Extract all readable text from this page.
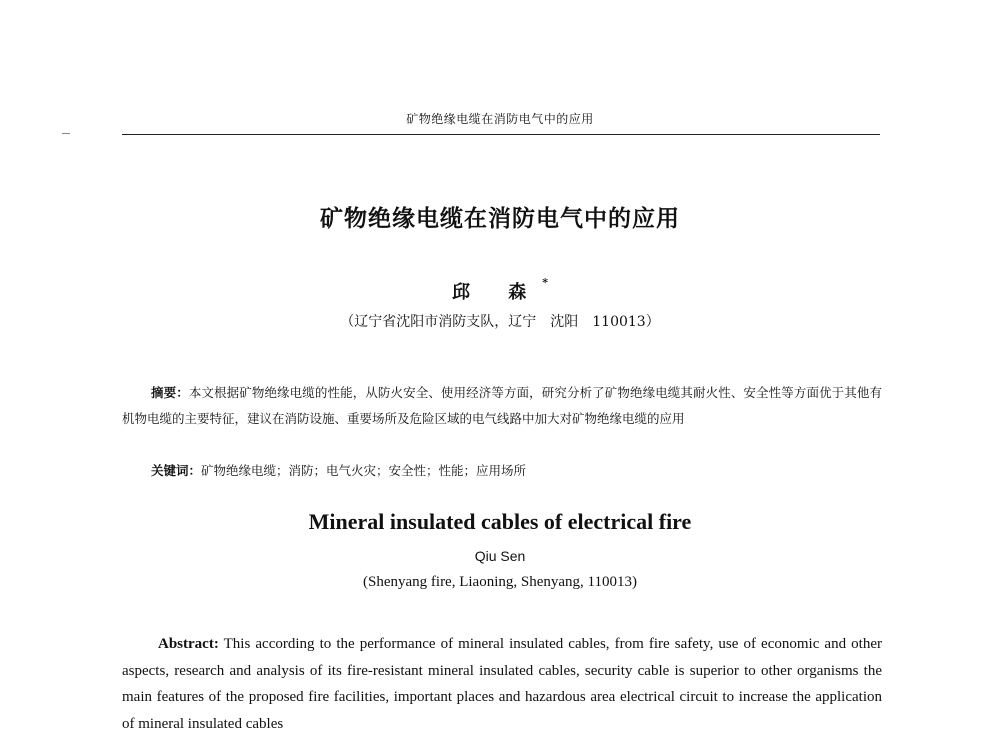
矿物绝缘电缆在消防电气中的应用
矿物绝缘电缆在消防电气中的应用
邱 森*
（辽宁省沈阳市消防支队，辽宁　沈阳　110013）
摘要：本文根据矿物绝缘电缆的性能，从防火安全、使用经济等方面，研究分析了矿物绝缘电缆其耐火性、安全性等方面优于其他有机物电缆的主要特征，建议在消防设施、重要场所及危险区域的电气线路中加大对矿物绝缘电缆的应用
关键词：矿物绝缘电缆；消防；电气火灾；安全性；性能；应用场所
Mineral insulated cables of electrical fire
Qiu Sen
(Shenyang fire, Liaoning, Shenyang, 110013)
Abstract: This according to the performance of mineral insulated cables, from fire safety, use of economic and other aspects, research and analysis of its fire-resistant mineral insulated cables, security cable is superior to other organisms the main features of the proposed fire facilities, important places and hazardous area electrical circuit to increase the application of mineral insulated cables
